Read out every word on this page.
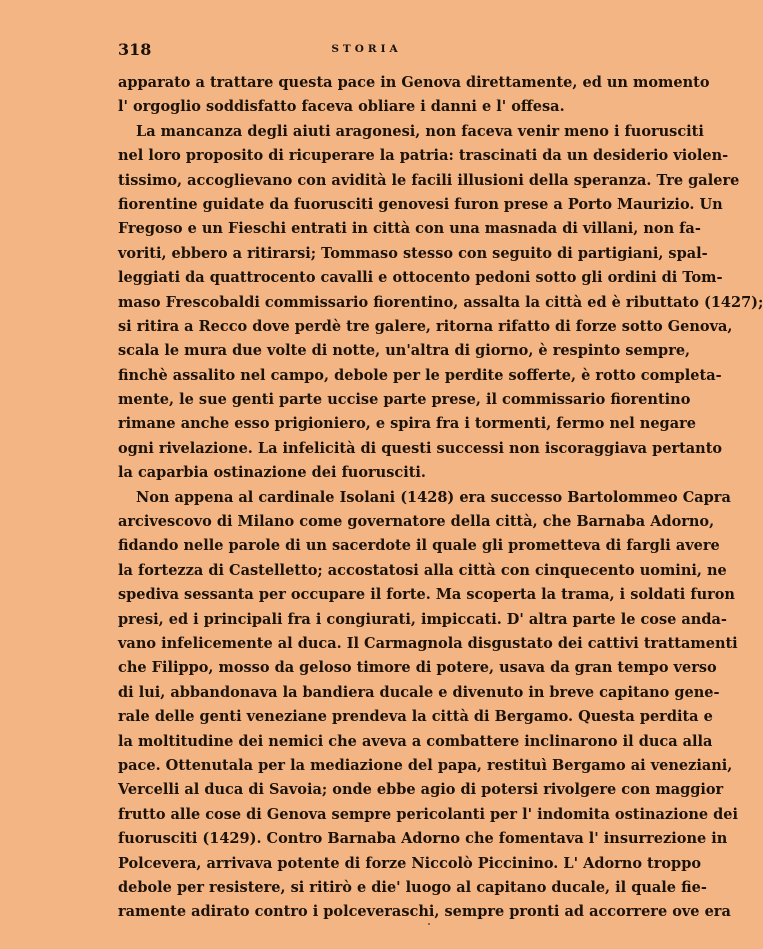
318	STORIA
apparato a trattare questa pace in Genova direttamente, ed un momento
l' orgoglio soddisfatto faceva obliare i danni e l' offesa.
La mancanza degli aiuti aragonesi, non faceva venir meno i fuorusciti
nel loro proposito di ricuperare la patria: trascinati da un desiderio violen-
tissimo, accoglievano con avidità le facili illusioni della speranza. Tre galere
fiorentine guidate da fuorusciti genovesi furon prese a Porto Maurizio. Un
Fregoso e un Fieschi entrati in città con una masnada di villani, non fa-
voriti, ebbero a ritirarsi; Tommaso stesso con seguito di partigiani, spal-
leggiati da quattrocento cavalli e ottocento pedoni sotto gli ordini di Tom-
maso Frescobaldi commissario fiorentino, assalta la città ed è ributtato (1427);
si ritira a Recco dove perdè tre galere, ritorna rifatto di forze sotto Genova,
scala le mura due volte di notte, un'altra di giorno, è respinto sempre,
finchè assalito nel campo, debole per le perdite sofferte, è rotto completa-
mente, le sue genti parte uccise parte prese, il commissario fiorentino
rimane anche esso prigioniero, e spira fra i tormenti, fermo nel negare
ogni rivelazione. La infelicità di questi successi non iscoraggiava pertanto
la caparbia ostinazione dei fuorusciti.
Non appena al cardinale Isolani (1428) era successo Bartolommeo Capra
arcivescovo di Milano come governatore della città, che Barnaba Adorno,
fidando nelle parole di un sacerdote il quale gli prometteva di fargli avere
la fortezza di Castelletto; accostatosi alla città con cinquecento uomini, ne
spediva sessanta per occupare il forte. Ma scoperta la trama, i soldati furon
presi, ed i principali fra i congiurati, impiccati. D' altra parte le cose anda-
vano infelicemente al duca. Il Carmagnola disgustato dei cattivi trattamenti
che Filippo, mosso da geloso timore di potere, usava da gran tempo verso
di lui, abbandonava la bandiera ducale e divenuto in breve capitano gene-
rale delle genti veneziane prendeva la città di Bergamo. Questa perdita e
la moltitudine dei nemici che aveva a combattere inclinarono il duca alla
pace. Ottenutala per la mediazione del papa, restituì Bergamo ai veneziani,
Vercelli al duca di Savoia; onde ebbe agio di potersi rivolgere con maggior
frutto alle cose di Genova sempre pericolanti per l' indomita ostinazione dei
fuorusciti (1429). Contro Barnaba Adorno che fomentava l' insurrezione in
Polcevera, arrivava potente di forze Niccolò Piccinino. L' Adorno troppo
debole per resistere, si ritirò e die' luogo al capitano ducale, il quale fie-
ramente adirato contro i polceveraschi, sempre pronti ad accorrere ove era
